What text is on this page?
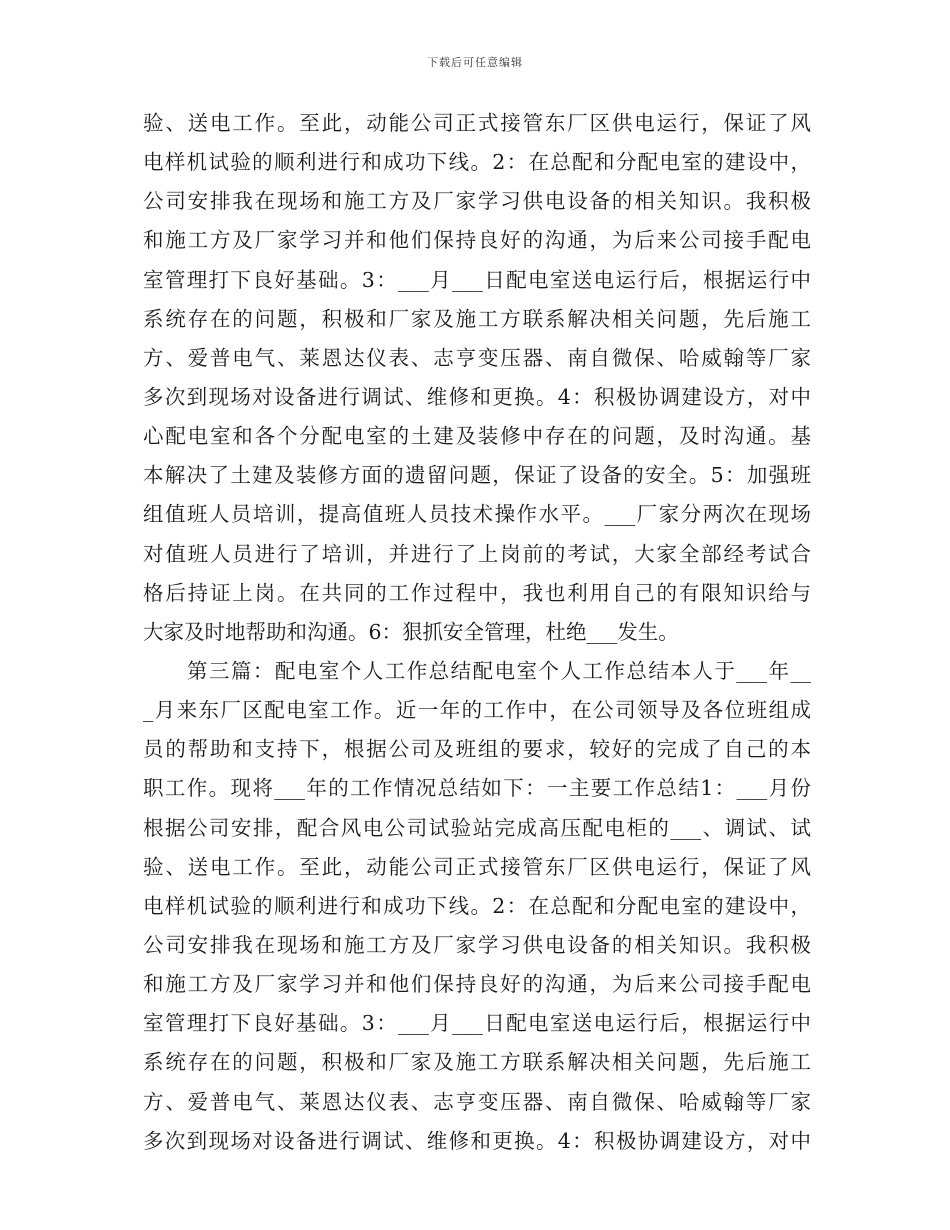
下载后可任意编辑
验、送电工作。至此，动能公司正式接管东厂区供电运行，保证了风
电样机试验的顺利进行和成功下线。2：在总配和分配电室的建设中，
公司安排我在现场和施工方及厂家学习供电设备的相关知识。我积极
和施工方及厂家学习并和他们保持良好的沟通，为后来公司接手配电
室管理打下良好基础。3：___月___日配电室送电运行后，根据运行中
系统存在的问题，积极和厂家及施工方联系解决相关问题，先后施工
方、爱普电气、莱恩达仪表、志亨变压器、南自微保、哈威翰等厂家
多次到现场对设备进行调试、维修和更换。4：积极协调建设方，对中
心配电室和各个分配电室的土建及装修中存在的问题，及时沟通。基
本解决了土建及装修方面的遗留问题，保证了设备的安全。5：加强班
组值班人员培训，提高值班人员技术操作水平。___厂家分两次在现场
对值班人员进行了培训，并进行了上岗前的考试，大家全部经考试合
格后持证上岗。在共同的工作过程中，我也利用自己的有限知识给与
大家及时地帮助和沟通。6：狠抓安全管理，杜绝___发生。
　　第三篇：配电室个人工作总结配电室个人工作总结本人于___年__
_月来东厂区配电室工作。近一年的工作中，在公司领导及各位班组成
员的帮助和支持下，根据公司及班组的要求，较好的完成了自己的本
职工作。现将___年的工作情况总结如下：一主要工作总结1：___月份
根据公司安排，配合风电公司试验站完成高压配电柜的___、调试、试
验、送电工作。至此，动能公司正式接管东厂区供电运行，保证了风
电样机试验的顺利进行和成功下线。2：在总配和分配电室的建设中，
公司安排我在现场和施工方及厂家学习供电设备的相关知识。我积极
和施工方及厂家学习并和他们保持良好的沟通，为后来公司接手配电
室管理打下良好基础。3：___月___日配电室送电运行后，根据运行中
系统存在的问题，积极和厂家及施工方联系解决相关问题，先后施工
方、爱普电气、莱恩达仪表、志亨变压器、南自微保、哈威翰等厂家
多次到现场对设备进行调试、维修和更换。4：积极协调建设方，对中
